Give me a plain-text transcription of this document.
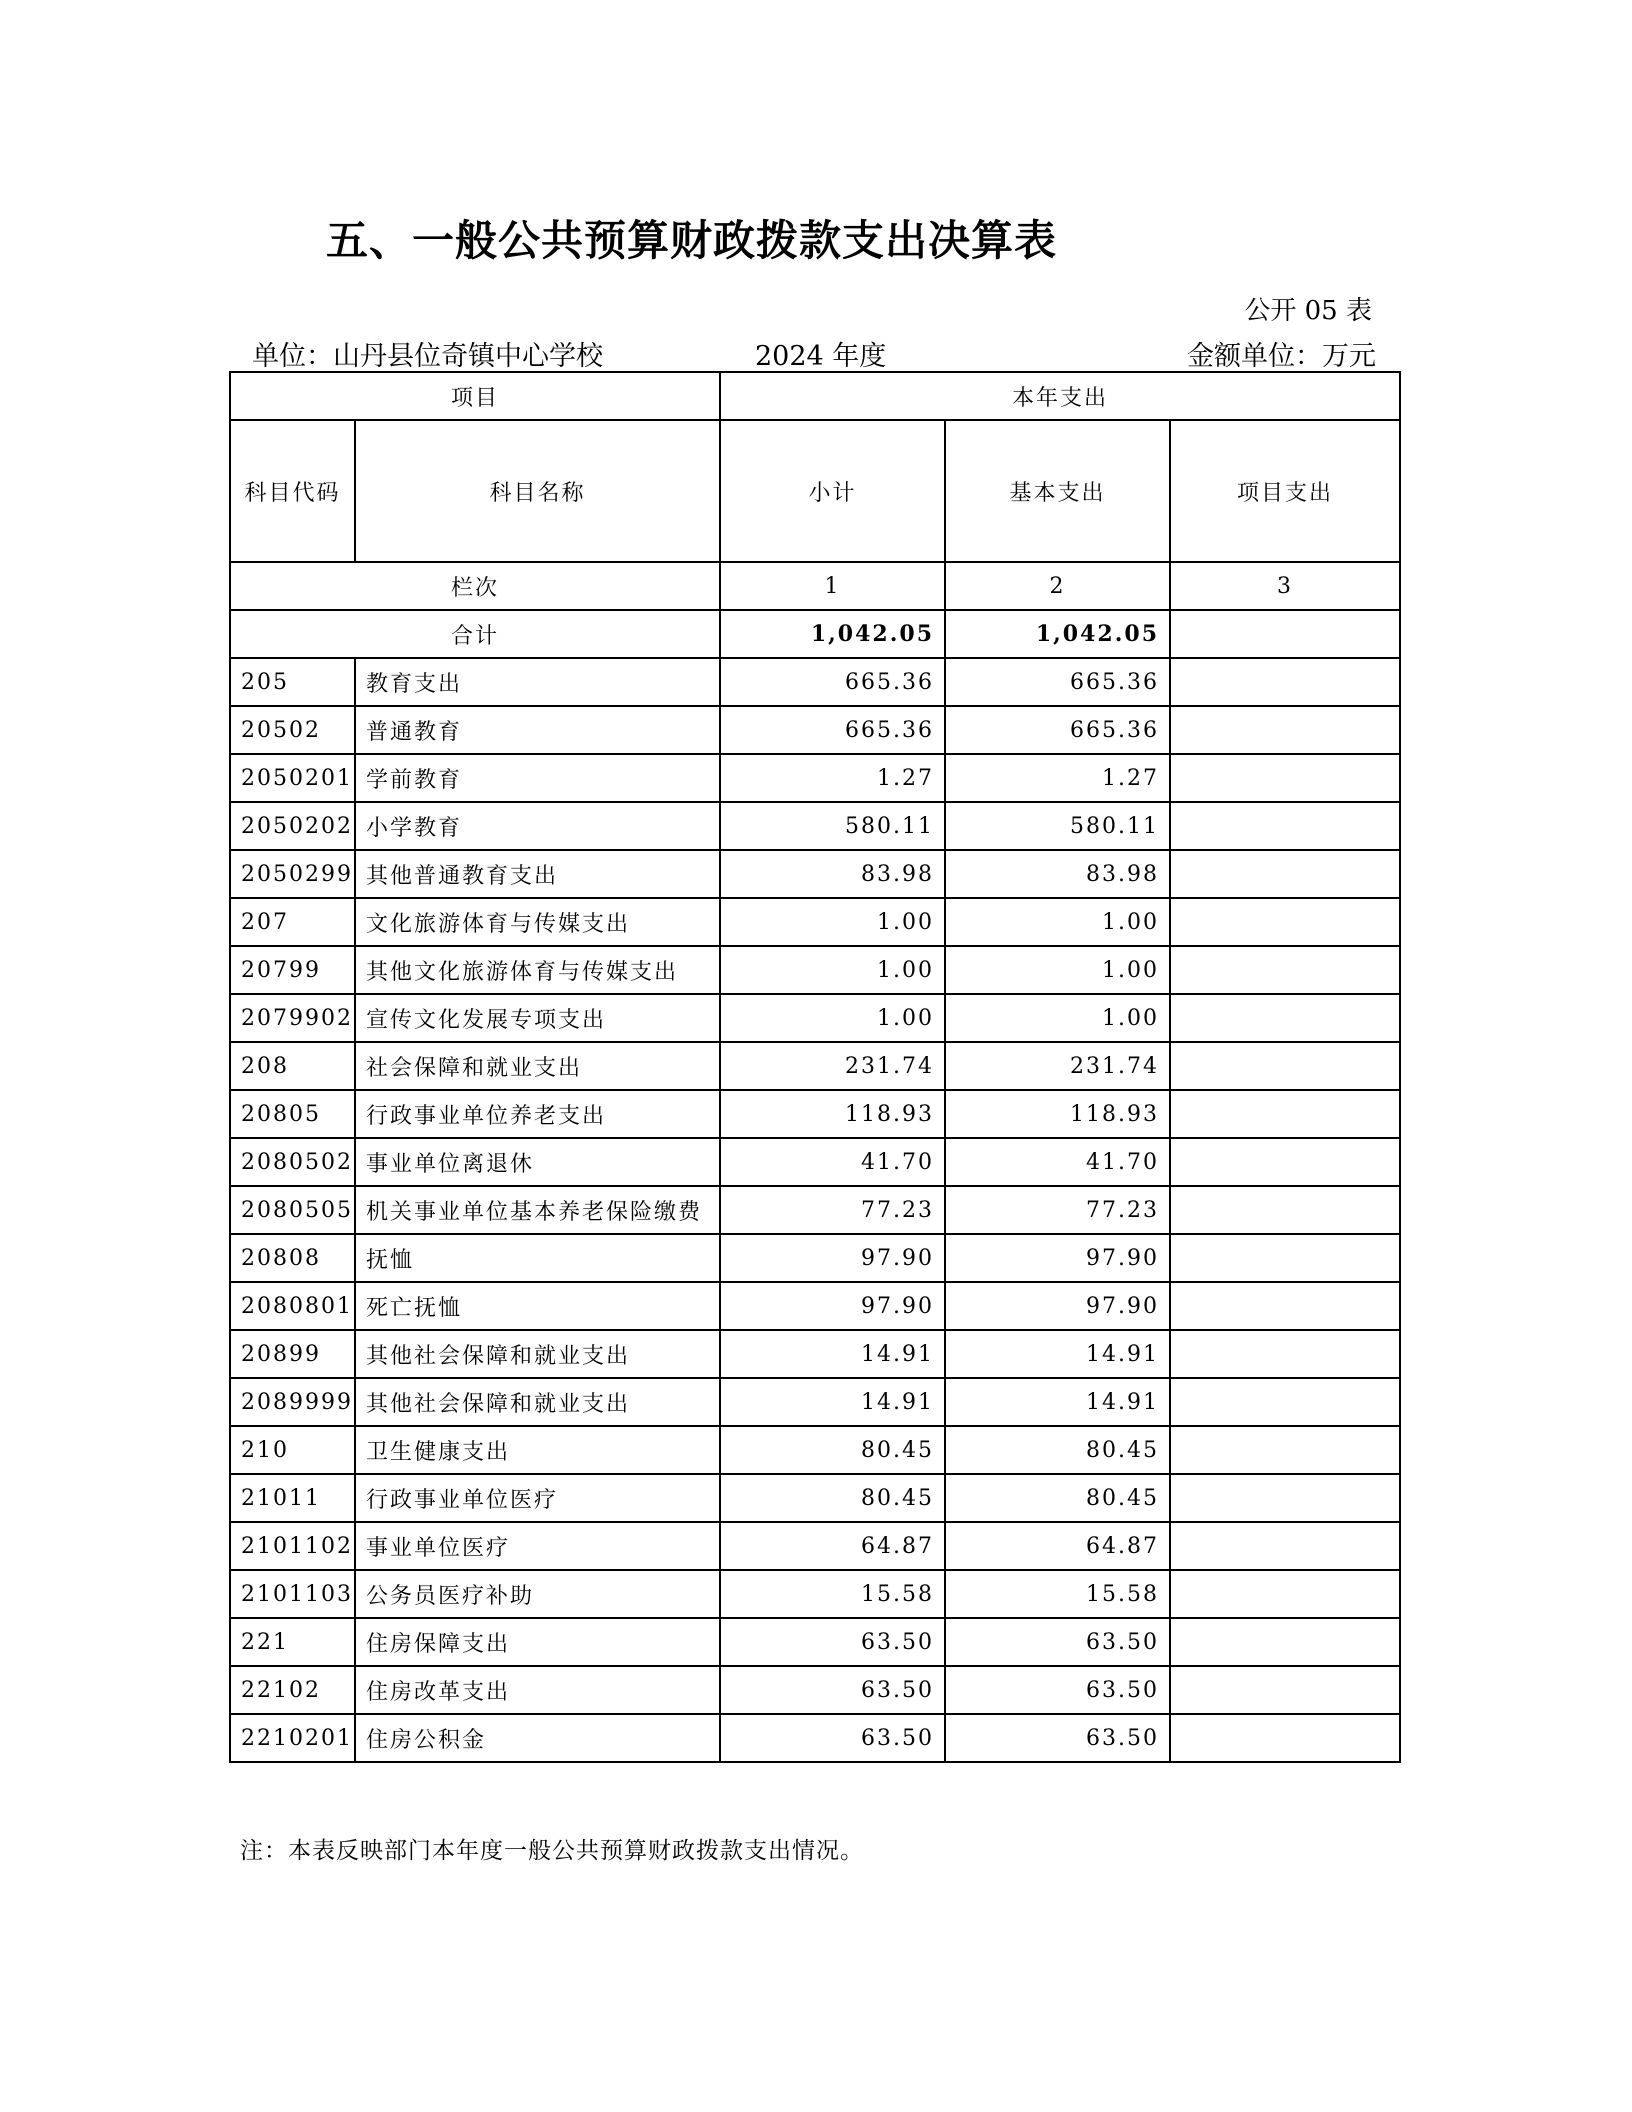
五、一般公共预算财政拨款支出决算表
公开 05 表
单位：山丹县位奇镇中心学校	2024 年度	金额单位：万元
项目		本年支出		
科目代码	科目名称	小计	基本支出	项目支出
栏次		1	2	3
合计		1,042.05	1,042.05	
205	教育支出	665.36	665.36	
20502	普通教育	665.36	665.36	
2050201	学前教育	1.27	1.27	
2050202	小学教育	580.11	580.11	
2050299	其他普通教育支出	83.98	83.98	
207	文化旅游体育与传媒支出	1.00	1.00	
20799	其他文化旅游体育与传媒支出	1.00	1.00	
2079902	宣传文化发展专项支出	1.00	1.00	
208	社会保障和就业支出	231.74	231.74	
20805	行政事业单位养老支出	118.93	118.93	
2080502	事业单位离退休	41.70	41.70	
2080505	机关事业单位基本养老保险缴费	77.23	77.23	
20808	抚恤	97.90	97.90	
2080801	死亡抚恤	97.90	97.90	
20899	其他社会保障和就业支出	14.91	14.91	
2089999	其他社会保障和就业支出	14.91	14.91	
210	卫生健康支出	80.45	80.45	
21011	行政事业单位医疗	80.45	80.45	
2101102	事业单位医疗	64.87	64.87	
2101103	公务员医疗补助	15.58	15.58	
221	住房保障支出	63.50	63.50	
22102	住房改革支出	63.50	63.50	
2210201	住房公积金	63.50	63.50	
注：本表反映部门本年度一般公共预算财政拨款支出情况。
